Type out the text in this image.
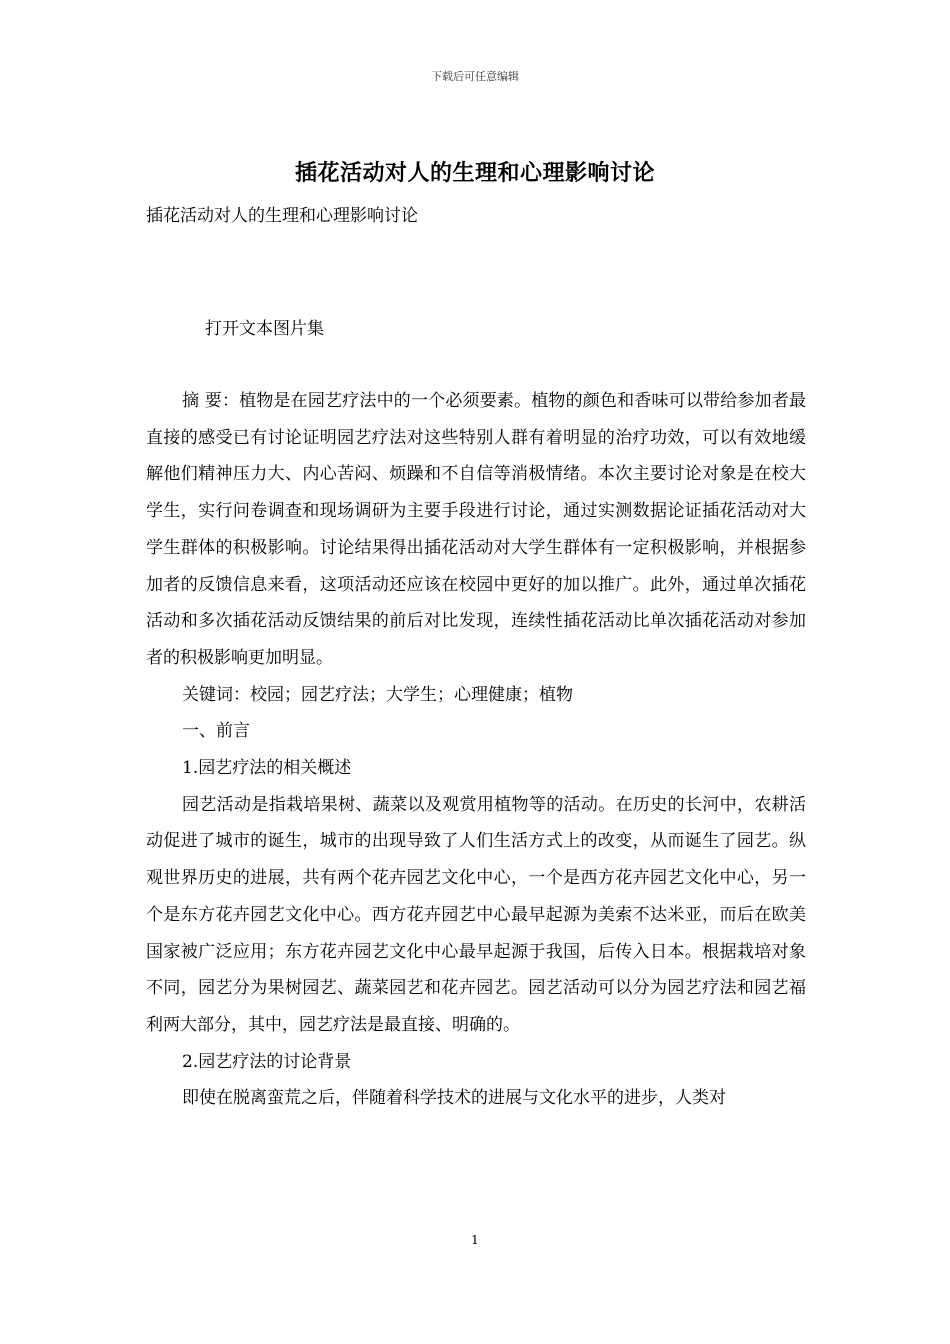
下载后可任意编辑
插花活动对人的生理和心理影响讨论
插花活动对人的生理和心理影响讨论
打开文本图片集

摘 要：植物是在园艺疗法中的一个必须要素。植物的颜色和香味可以带给参加者最直接的感受已有讨论证明园艺疗法对这些特别人群有着明显的治疗功效，可以有效地缓解他们精神压力大、内心苦闷、烦躁和不自信等消极情绪。本次主要讨论对象是在校大学生，实行问卷调查和现场调研为主要手段进行讨论，通过实测数据论证插花活动对大学生群体的积极影响。讨论结果得出插花活动对大学生群体有一定积极影响，并根据参加者的反馈信息来看，这项活动还应该在校园中更好的加以推广。此外，通过单次插花活动和多次插花活动反馈结果的前后对比发现，连续性插花活动比单次插花活动对参加者的积极影响更加明显。

关键词：校园；园艺疗法；大学生；心理健康；植物

一、前言

1.园艺疗法的相关概述

园艺活动是指栽培果树、蔬菜以及观赏用植物等的活动。在历史的长河中，农耕活动促进了城市的诞生，城市的出现导致了人们生活方式上的改变，从而诞生了园艺。纵观世界历史的进展，共有两个花卉园艺文化中心，一个是西方花卉园艺文化中心，另一个是东方花卉园艺文化中心。西方花卉园艺中心最早起源为美索不达米亚，而后在欧美国家被广泛应用；东方花卉园艺文化中心最早起源于我国，后传入日本。根据栽培对象不同，园艺分为果树园艺、蔬菜园艺和花卉园艺。园艺活动可以分为园艺疗法和园艺福利两大部分，其中，园艺疗法是最直接、明确的。

2.园艺疗法的讨论背景

即使在脱离蛮荒之后，伴随着科学技术的进展与文化水平的进步，人类对

1
